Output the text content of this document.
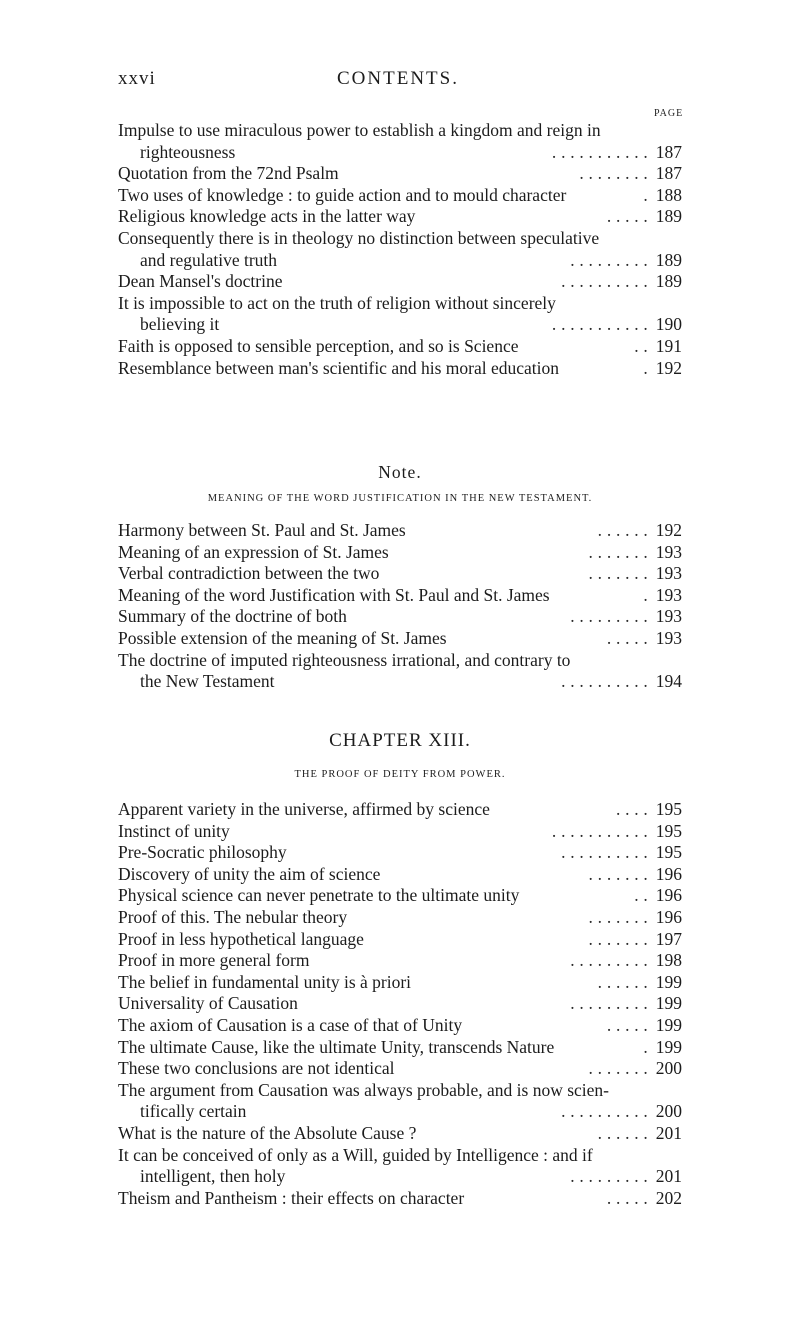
xxvi	CONTENTS.
PAGE
Impulse to use miraculous power to establish a kingdom and reign in
righteousness	. . . . . . . . . . . 187
Quotation from the 72nd Psalm	. . . . . . . . 187
Two uses of knowledge : to guide action and to mould character	. 188
Religious knowledge acts in the latter way	. . . . . 189
Consequently there is in theology no distinction between speculative
and regulative truth	. . . . . . . . . 189
Dean Mansel's doctrine	. . . . . . . . . . 189
It is impossible to act on the truth of religion without sincerely
believing it	. . . . . . . . . . . 190
Faith is opposed to sensible perception, and so is Science	. . 191
Resemblance between man's scientific and his moral education	. 192
Note.
MEANING OF THE WORD JUSTIFICATION IN THE NEW TESTAMENT.
Harmony between St. Paul and St. James	. . . . . . 192
Meaning of an expression of St. James	. . . . . . . 193
Verbal contradiction between the two	. . . . . . . 193
Meaning of the word Justification with St. Paul and St. James	. 193
Summary of the doctrine of both	. . . . . . . . . 193
Possible extension of the meaning of St. James	. . . . . 193
The doctrine of imputed righteousness irrational, and contrary to
the New Testament	. . . . . . . . . . 194
CHAPTER XIII.
THE PROOF OF DEITY FROM POWER.
Apparent variety in the universe, affirmed by science	. . . . 195
Instinct of unity	. . . . . . . . . . . 195
Pre-Socratic philosophy	. . . . . . . . . . 195
Discovery of unity the aim of science	. . . . . . . 196
Physical science can never penetrate to the ultimate unity	. . 196
Proof of this. The nebular theory	. . . . . . . 196
Proof in less hypothetical language	. . . . . . . 197
Proof in more general form	. . . . . . . . . 198
The belief in fundamental unity is à priori	. . . . . . 199
Universality of Causation	. . . . . . . . . 199
The axiom of Causation is a case of that of Unity	. . . . . 199
The ultimate Cause, like the ultimate Unity, transcends Nature	. 199
These two conclusions are not identical	. . . . . . . 200
The argument from Causation was always probable, and is now scien-
tifically certain	. . . . . . . . . . 200
What is the nature of the Absolute Cause ?	. . . . . . 201
It can be conceived of only as a Will, guided by Intelligence : and if
intelligent, then holy	. . . . . . . . . 201
Theism and Pantheism : their effects on character	. . . . . 202
